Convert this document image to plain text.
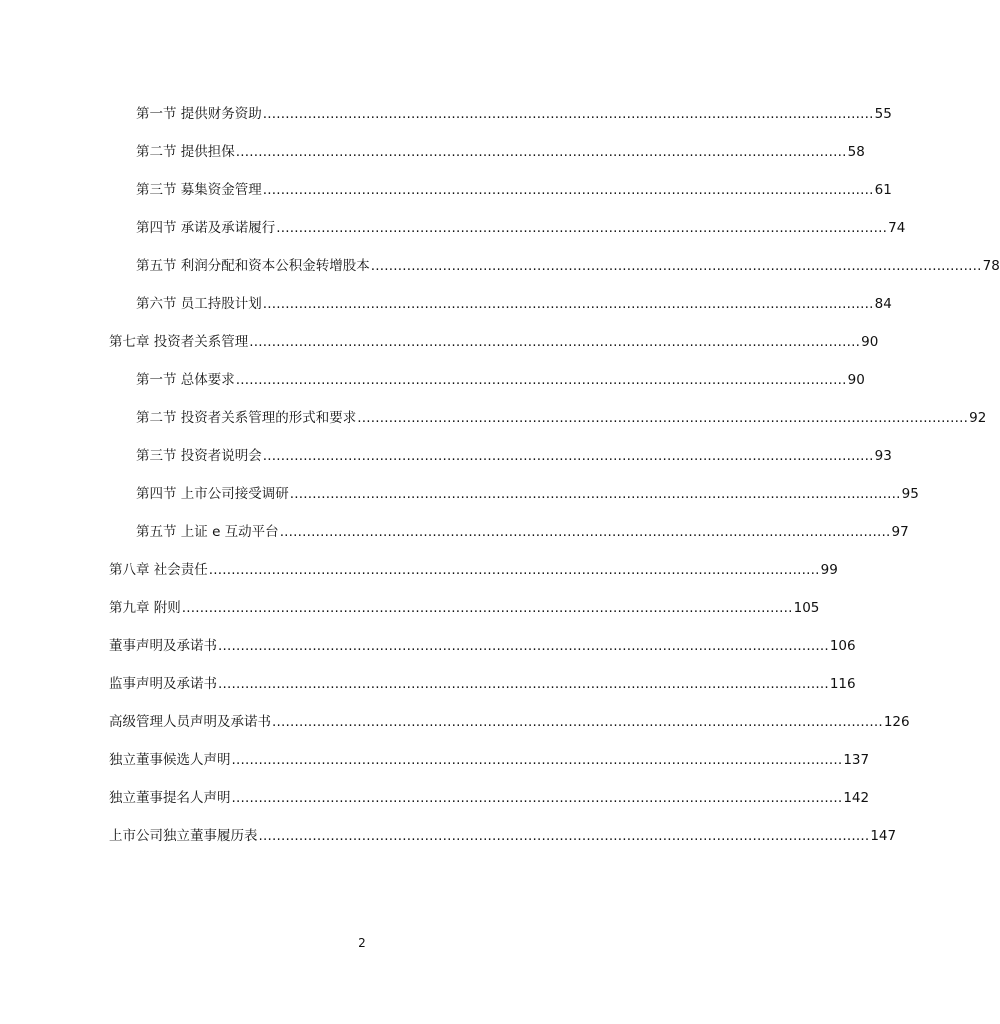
第一节 提供财务资助 ........................................................................................................................................ 55
第二节 提供担保 ........................................................................................................................................ 58
第三节 募集资金管理 ........................................................................................................................................ 61
第四节 承诺及承诺履行 ........................................................................................................................................ 74
第五节 利润分配和资本公积金转增股本 ........................................................................................................................................ 78
第六节 员工持股计划 ........................................................................................................................................ 84
第七章 投资者关系管理 ........................................................................................................................................ 90
第一节 总体要求 ........................................................................................................................................ 90
第二节 投资者关系管理的形式和要求 ........................................................................................................................................ 92
第三节 投资者说明会 ........................................................................................................................................ 93
第四节 上市公司接受调研 ........................................................................................................................................ 95
第五节 上证 e 互动平台 ........................................................................................................................................ 97
第八章 社会责任 ........................................................................................................................................ 99
第九章 附则 ........................................................................................................................................ 105
董事声明及承诺书 ........................................................................................................................................ 106
监事声明及承诺书 ........................................................................................................................................ 116
高级管理人员声明及承诺书 ........................................................................................................................................ 126
独立董事候选人声明 ........................................................................................................................................ 137
独立董事提名人声明 ........................................................................................................................................ 142
上市公司独立董事履历表 ........................................................................................................................................ 147
2
